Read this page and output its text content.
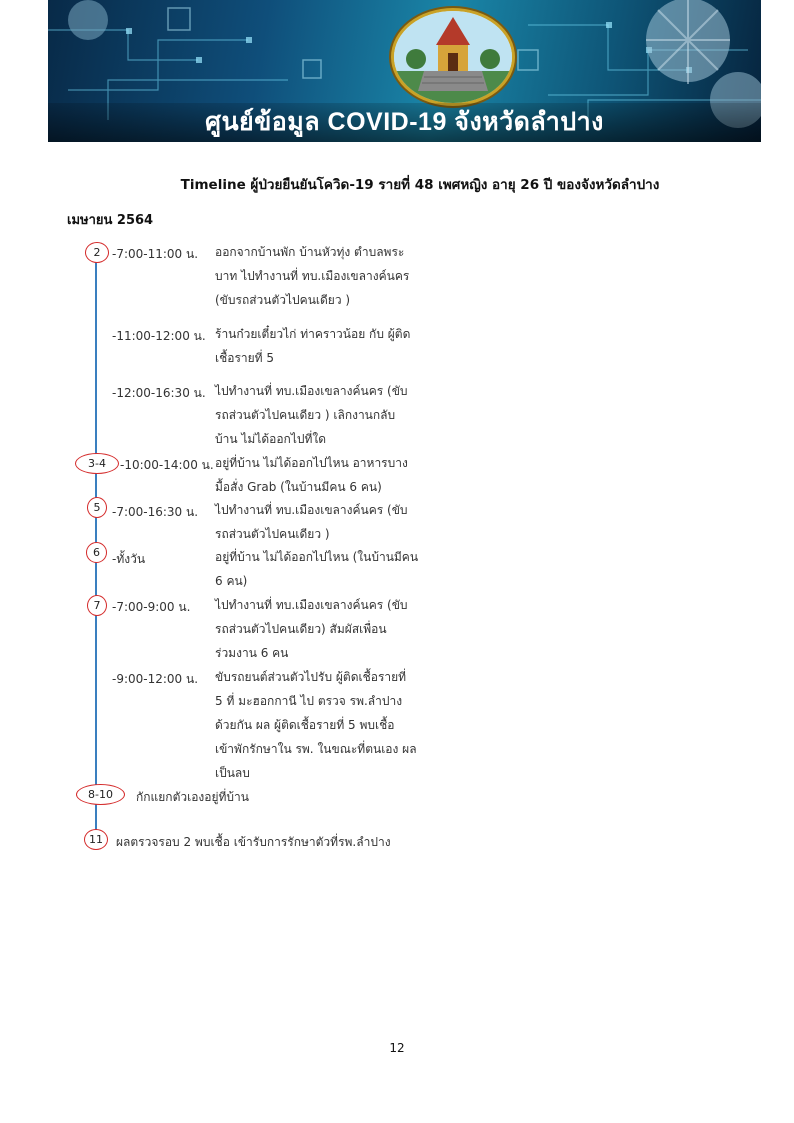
ศูนย์ข้อมูล COVID-19 จังหวัดลำปาง
Timeline ผู้ป่วยยืนยันโควิด-19 รายที่ 48 เพศหญิง อายุ 26 ปี ของจังหวัดลำปาง
เมษายน 2564
2 -7:00-11:00 น. ออกจากบ้านพัก บ้านหัวทุ่ง ตำบลพระ
บาท ไปทำงานที่ ทบ.เมืองเขลางค์นคร
(ขับรถส่วนตัวไปคนเดียว )
-11:00-12:00 น. ร้านก๋วยเตี๋ยวไก่ ท่าคราวน้อย กับ ผู้ติด
เชื้อรายที่ 5
-12:00-16:30 น. ไปทำงานที่ ทบ.เมืองเขลางค์นคร (ขับ
รถส่วนตัวไปคนเดียว ) เลิกงานกลับ
บ้าน ไม่ได้ออกไปที่ใด
3-4	-10:00-14:00 น. อยู่ที่บ้าน ไม่ได้ออกไปไหน อาหารบาง
มื้อสั่ง Grab (ในบ้านมีคน 6 คน)
5 -7:00-16:30 น. ไปทำงานที่ ทบ.เมืองเขลางค์นคร (ขับ
รถส่วนตัวไปคนเดียว )
6	-ทั้งวัน	อยู่ที่บ้าน ไม่ได้ออกไปไหน (ในบ้านมีคน
6 คน)
7 -7:00-9:00 น. ไปทำงานที่ ทบ.เมืองเขลางค์นคร (ขับ
รถส่วนตัวไปคนเดียว) สัมผัสเพื่อน
ร่วมงาน 6 คน
-9:00-12:00 น. ขับรถยนต์ส่วนตัวไปรับ ผู้ติดเชื้อรายที่
5 ที่ มะฮอกกานี ไป ตรวจ รพ.ลำปาง
ด้วยกัน ผล ผู้ติดเชื้อรายที่ 5 พบเชื้อ
เข้าพักรักษาใน รพ. ในขณะที่ตนเอง ผล
เป็นลบ
8-10	กักแยกตัวเองอยู่ที่บ้าน
11	ผลตรวจรอบ 2 พบเชื้อ เข้ารับการรักษาตัวที่รพ.ลำปาง
12
